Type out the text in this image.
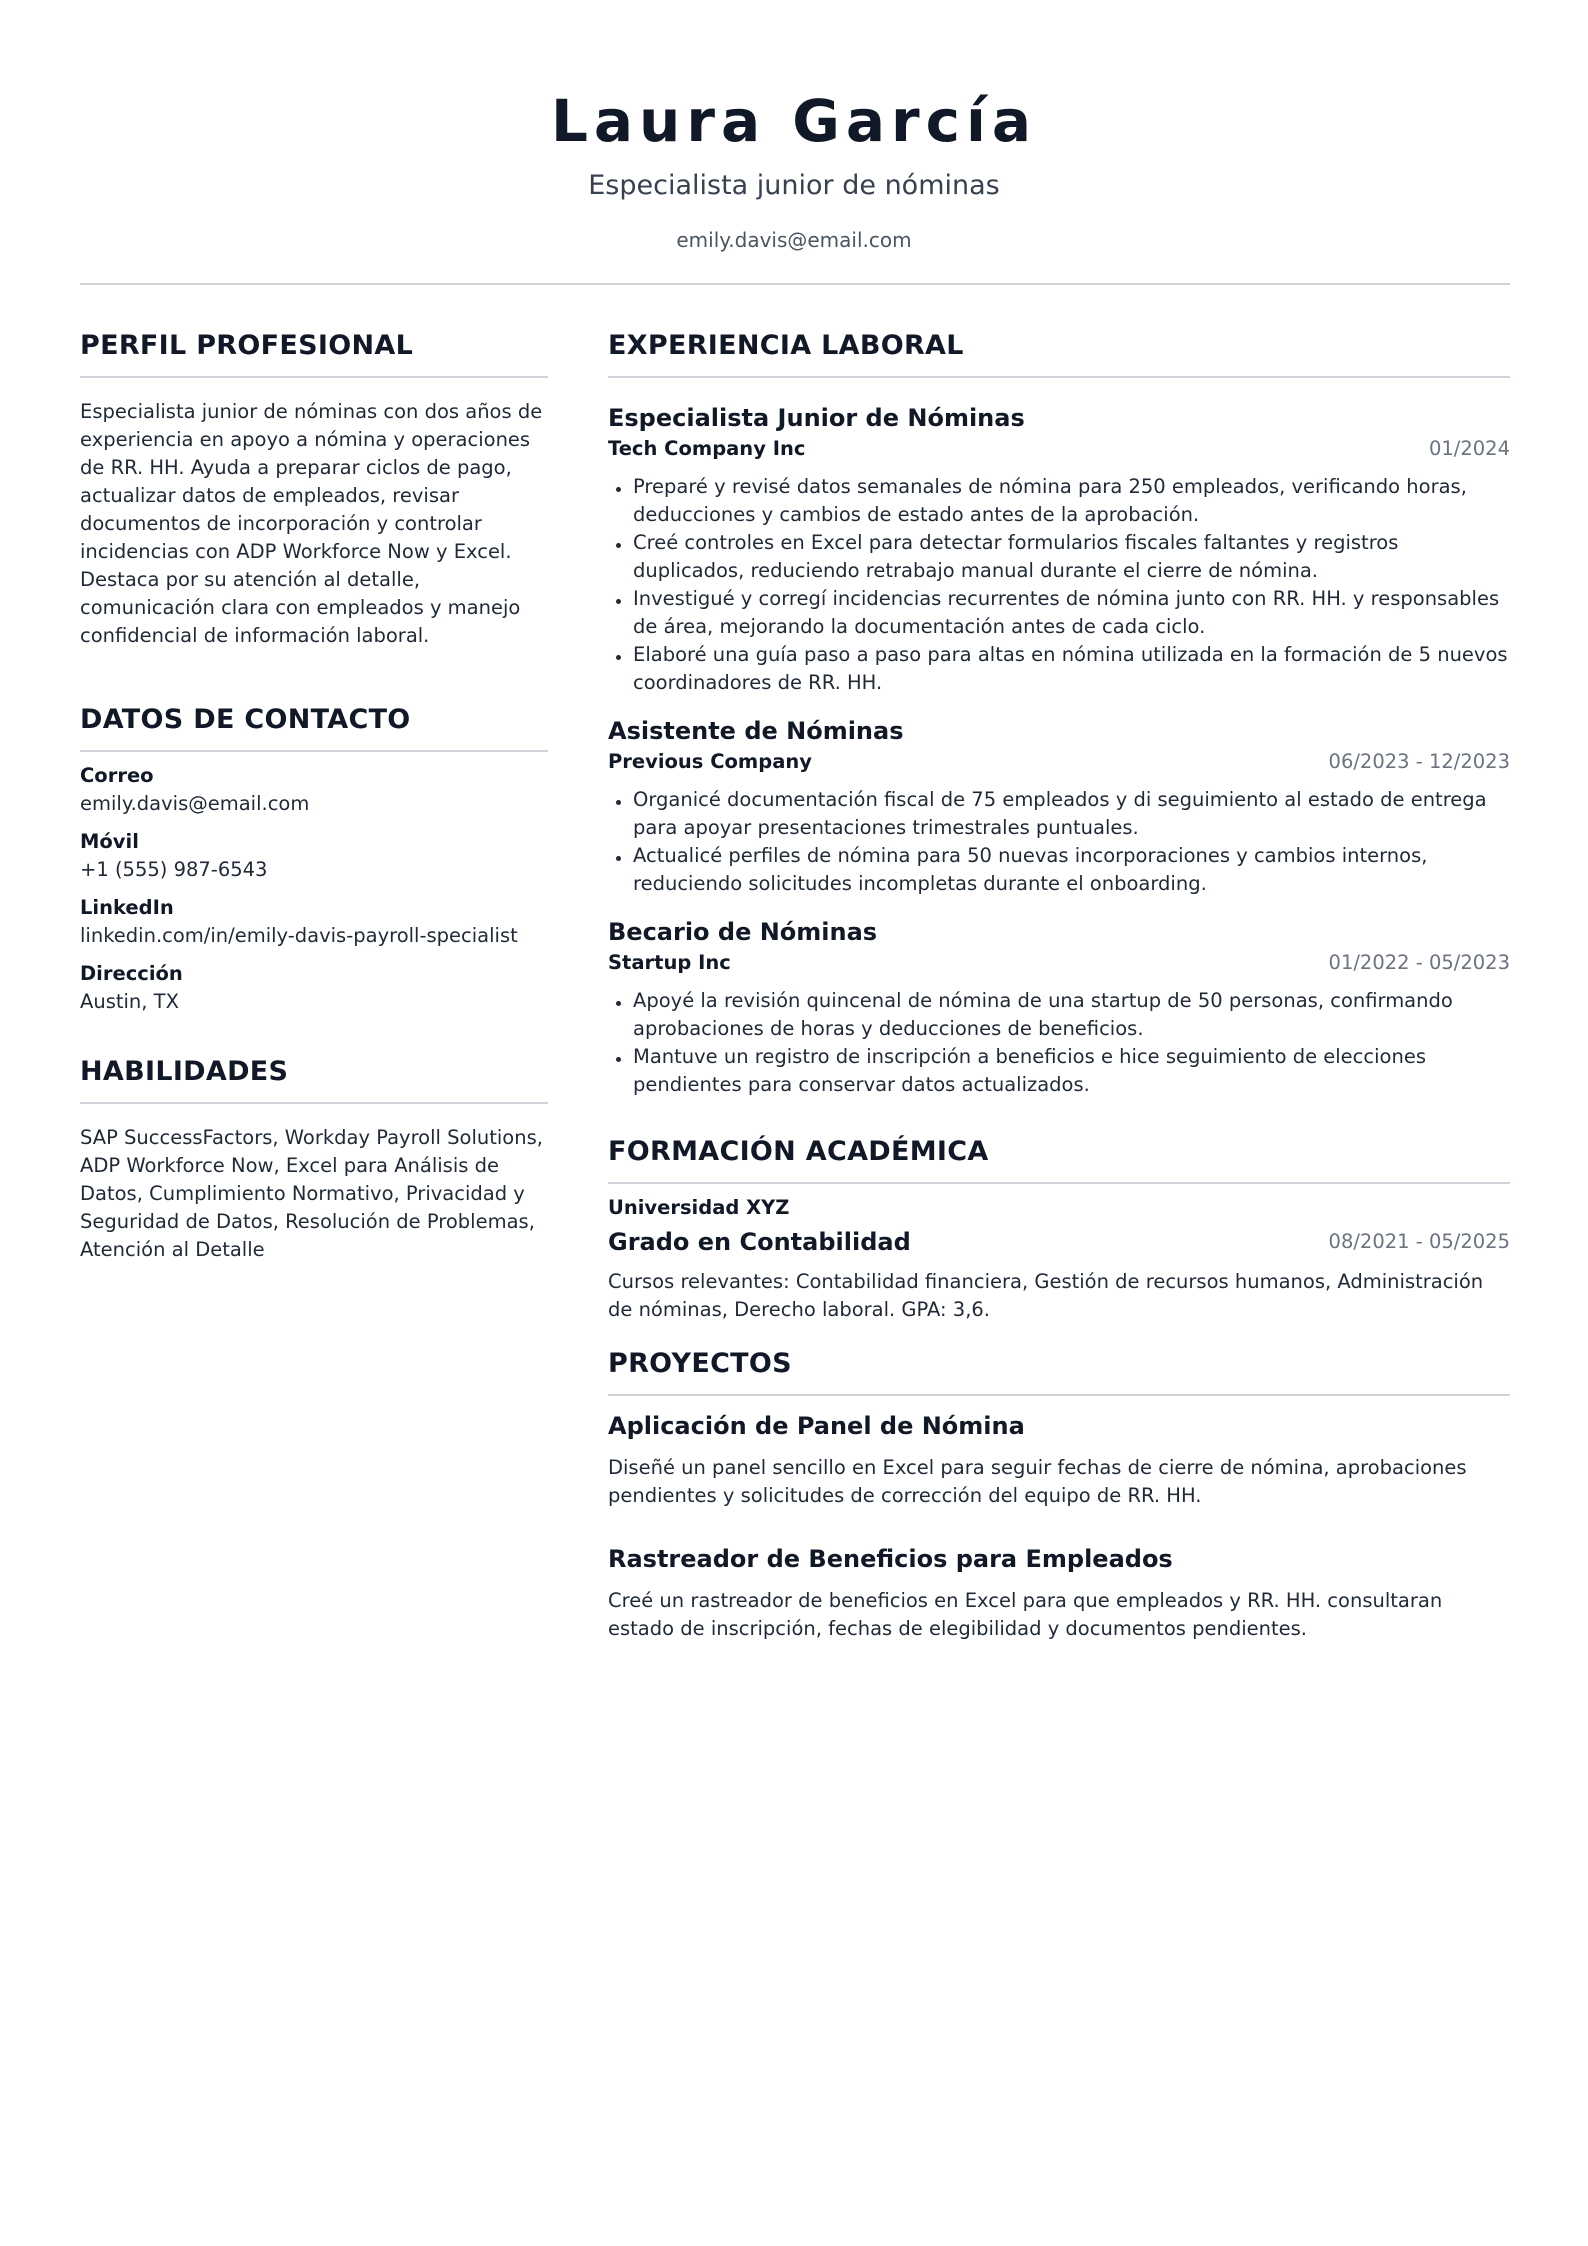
Laura García
Especialista junior de nóminas
emily.davis@email.com
PERFIL PROFESIONAL
Especialista junior de nóminas con dos años de experiencia en apoyo a nómina y operaciones de RR. HH. Ayuda a preparar ciclos de pago, actualizar datos de empleados, revisar documentos de incorporación y controlar incidencias con ADP Workforce Now y Excel. Destaca por su atención al detalle, comunicación clara con empleados y manejo confidencial de información laboral.
DATOS DE CONTACTO
Correo
emily.davis@email.com
Móvil
+1 (555) 987-6543
LinkedIn
linkedin.com/in/emily-davis-payroll-specialist
Dirección
Austin, TX
HABILIDADES
SAP SuccessFactors, Workday Payroll Solutions, ADP Workforce Now, Excel para Análisis de Datos, Cumplimiento Normativo, Privacidad y Seguridad de Datos, Resolución de Problemas, Atención al Detalle
EXPERIENCIA LABORAL
Especialista Junior de Nóminas
Tech Company Inc	01/2024
Preparé y revisé datos semanales de nómina para 250 empleados, verificando horas, deducciones y cambios de estado antes de la aprobación.
Creé controles en Excel para detectar formularios fiscales faltantes y registros duplicados, reduciendo retrabajo manual durante el cierre de nómina.
Investigué y corregí incidencias recurrentes de nómina junto con RR. HH. y responsables de área, mejorando la documentación antes de cada ciclo.
Elaboré una guía paso a paso para altas en nómina utilizada en la formación de 5 nuevos coordinadores de RR. HH.
Asistente de Nóminas
Previous Company	06/2023 - 12/2023
Organicé documentación fiscal de 75 empleados y di seguimiento al estado de entrega para apoyar presentaciones trimestrales puntuales.
Actualicé perfiles de nómina para 50 nuevas incorporaciones y cambios internos, reduciendo solicitudes incompletas durante el onboarding.
Becario de Nóminas
Startup Inc	01/2022 - 05/2023
Apoyé la revisión quincenal de nómina de una startup de 50 personas, confirmando aprobaciones de horas y deducciones de beneficios.
Mantuve un registro de inscripción a beneficios e hice seguimiento de elecciones pendientes para conservar datos actualizados.
FORMACIÓN ACADÉMICA
Universidad XYZ
Grado en Contabilidad	08/2021 - 05/2025
Cursos relevantes: Contabilidad financiera, Gestión de recursos humanos, Administración de nóminas, Derecho laboral. GPA: 3,6.
PROYECTOS
Aplicación de Panel de Nómina
Diseñé un panel sencillo en Excel para seguir fechas de cierre de nómina, aprobaciones pendientes y solicitudes de corrección del equipo de RR. HH.
Rastreador de Beneficios para Empleados
Creé un rastreador de beneficios en Excel para que empleados y RR. HH. consultaran estado de inscripción, fechas de elegibilidad y documentos pendientes.
